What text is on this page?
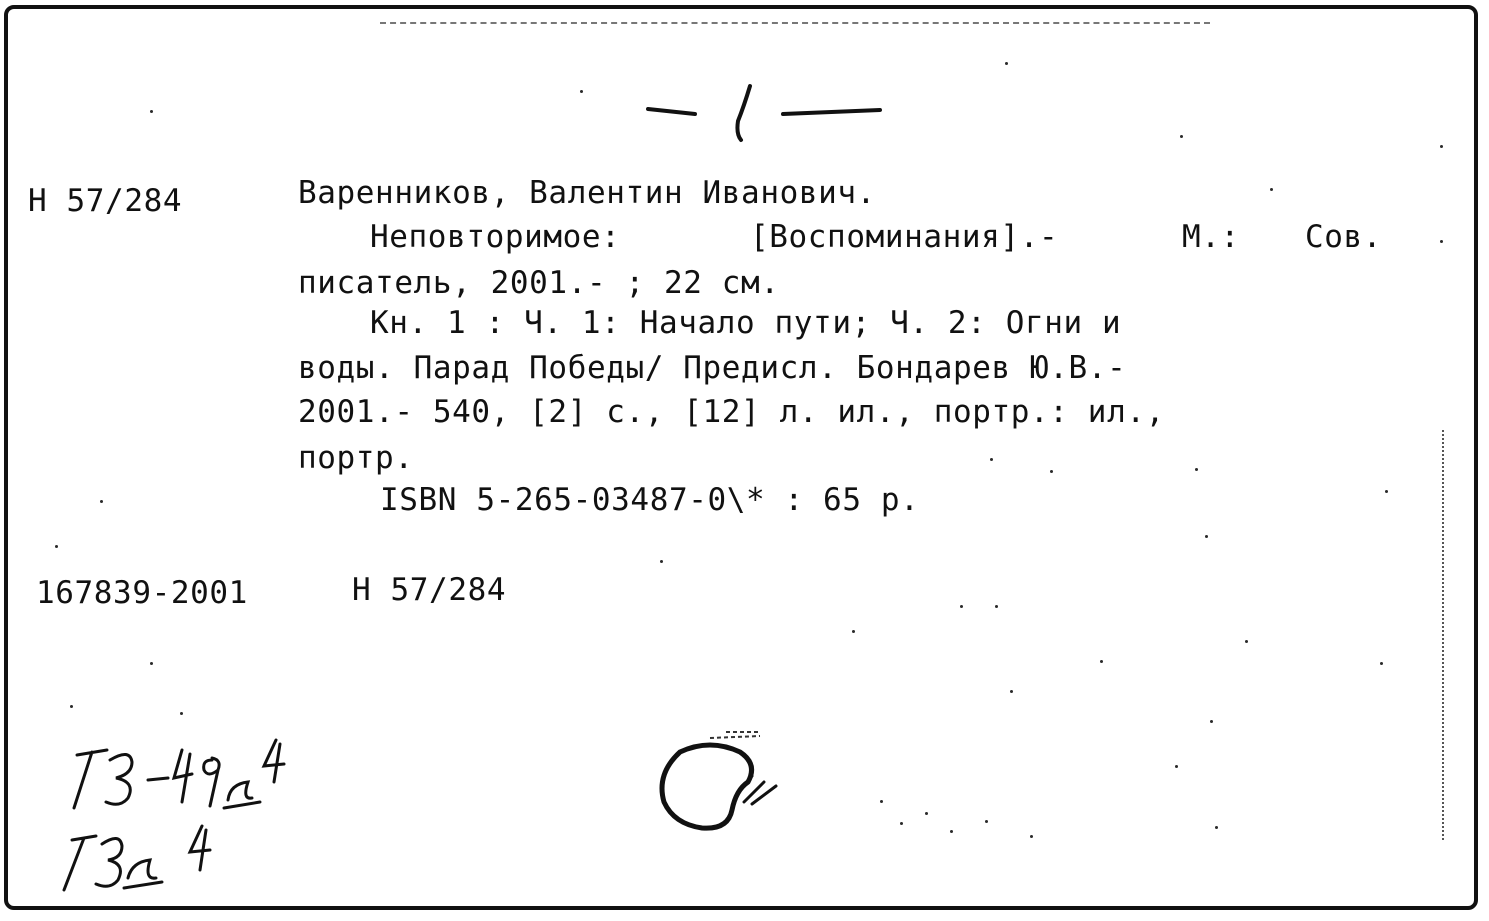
Н 57/284	Варенников, Валентин Иванович.
Неповторимое:	[Воспоминания].-	М.: Сов.
писатель, 2001.- ; 22 см.
Кн. 1 : Ч. 1: Начало пути; Ч. 2: Огни и
воды. Парад Победы/ Предисл. Бондарев Ю.В.-
2001.- 540, [2] с., [12] л. ил., портр.: ил.,
портр.
ISBN 5-265-03487-0\* : 65 р.
167839-2001	Н 57/284
